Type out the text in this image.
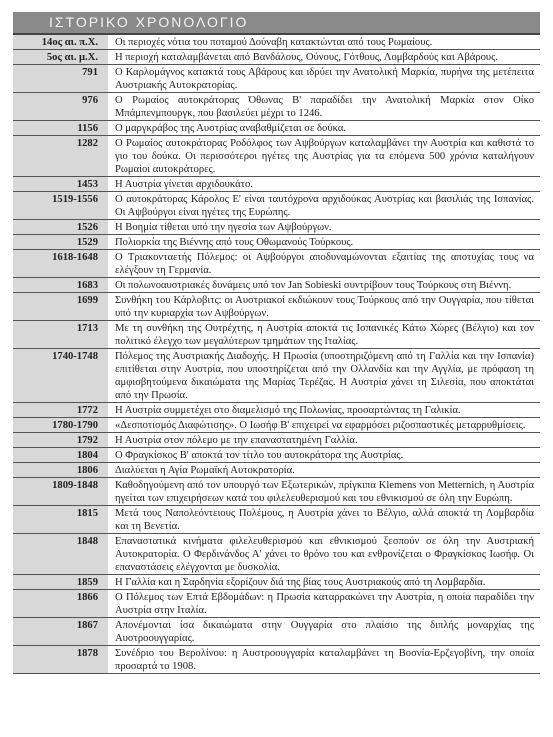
ΙΣΤΟΡΙΚΟ ΧΡΟΝΟΛΟΓΙΟ
14ος αι. π.Χ.	Οι περιοχές νότια του ποταμού Δούναβη κατακτώνται από τους Ρωμαίους.
5ος αι. μ.Χ.	Η περιοχή καταλαμβάνεται από Βανδάλους, Ούνους, Γότθους, Λομβαρδούς και Αβάρους.
791	Ο Καρλομάγνος κατακτά τους Αβάρους και ιδρύει την Ανατολική Μαρκία, πυρήνα της μετέπειτα Αυστριακής Αυτοκρατορίας.
976	Ο Ρωμαίος αυτοκράτορας Όθωνας Β' παραδίδει την Ανατολική Μαρκία στον Οίκο Μπάμπενμπουργκ, που βασιλεύει μέχρι το 1246.
1156	Ο μαργκράβος της Αυστρίας αναβαθμίζεται σε δούκα.
1282	Ο Ρωμαίος αυτοκράτορας Ροδόλφος των Αψβούργων καταλαμβάνει την Αυστρία και καθιστά το γιο του δούκα. Οι περισσότεροι ηγέτες της Αυστρίας για τα επόμενα 500 χρόνια καταλήγουν Ρωμαίοι αυτοκράτορες.
1453	Η Αυστρία γίνεται αρχιδουκάτο.
1519-1556	Ο αυτοκράτορας Κάρολος Ε' είναι ταυτόχρονα αρχιδούκας Αυστρίας και βασιλιάς της Ισπανίας. Οι Αψβούργοι είναι ηγέτες της Ευρώπης.
1526	Η Βοημία τίθεται υπό την ηγεσία των Αψβούργων.
1529	Πολιορκία της Βιέννης από τους Οθωμανούς Τούρκους.
1618-1648	Ο Τριακονταετής Πόλεμος: οι Αψβούργοι αποδυναμώνονται εξαιτίας της αποτυχίας τους να ελέγξουν τη Γερμανία.
1683	Οι πολωνοαυστριακές δυνάμεις υπό τον Jan Sobieski συντρίβουν τους Τούρκους στη Βιέννη.
1699	Συνθήκη του Κάρλοβιτς: οι Αυστριακοί εκδιώκουν τους Τούρκους από την Ουγγαρία, που τίθεται υπό την κυριαρχία των Αψβούργων.
1713	Με τη συνθήκη της Ουτρέχτης, η Αυστρία αποκτά τις Ισπανικές Κάτω Χώρες (Βέλγιο) και τον πολιτικό έλεγχο των μεγαλύτερων τμημάτων της Ιταλίας.
1740-1748	Πόλεμος της Αυστριακής Διαδοχής. Η Πρωσία (υποστηριζόμενη από τη Γαλλία και την Ισπανία) επιτίθεται στην Αυστρία, που υποστηρίζεται από την Ολλανδία και την Αγγλία, με πρόφαση τη αμφισβητούμενα δικαιώματα της Μαρίας Τερέζας. Η Αυστρία χάνει τη Σιλεσία, που αποκτάται από την Πρωσία.
1772	Η Αυστρία συμμετέχει στο διαμελισμό της Πολωνίας, προσαρτώντας τη Γαλικία.
1780-1790	«Δεσποτισμός Διαφώτισης». Ο Ιωσήφ Β' επιχειρεί να εφαρμόσει ριζοσπαστικές μεταρρυθμίσεις.
1792	Η Αυστρία στον πόλεμο με την επαναστατημένη Γαλλία.
1804	Ο Φραγκίσκος Β' αποκτά τον τίτλο του αυτοκράτορα της Αυστρίας.
1806	Διαλύεται η Αγία Ρωμαϊκή Αυτοκρατορία.
1809-1848	Καθοδηγούμενη από τον υπουργό των Εξωτερικών, πρίγκιπα Klemens von Metternich, η Αυστρία ηγείται των επιχειρήσεων κατά του φιλελευθερισμού και του εθνικισμού σε όλη την Ευρώπη.
1815	Μετά τους Ναπολεόντειους Πολέμους, η Αυστρία χάνει το Βέλγιο, αλλά αποκτά τη Λομβαρδία και τη Βενετία.
1848	Επαναστατικά κινήματα φιλελευθερισμού και εθνικισμού ξεσπούν σε όλη την Αυστριακή Αυτοκρατορία. Ο Φερδινάνδος Α' χάνει το θρόνο του και ενθρονίζεται ο Φραγκίσκος Ιωσήφ. Οι επαναστάσεις ελέγχονται με δυσκολία.
1859	Η Γαλλία και η Σαρδηνία εξορίζουν διά της βίας τους Αυστριακούς από τη Λομβαρδία.
1866	Ο Πόλεμος των Επτά Εβδομάδων: η Πρωσία καταρρακώνει την Αυστρία, η οποία παραδίδει την Αυστρία στην Ιταλία.
1867	Απονέμονται ίσα δικαιώματα στην Ουγγαρία στο πλαίσιο της διπλής μοναρχίας της Αυστροουγγαρίας.
1878	Συνέδριο του Βερολίνου: η Αυστροουγγαρία καταλαμβάνει τη Βοσνία-Ερζεγοβίνη, την οποία προσαρτά το 1908.
